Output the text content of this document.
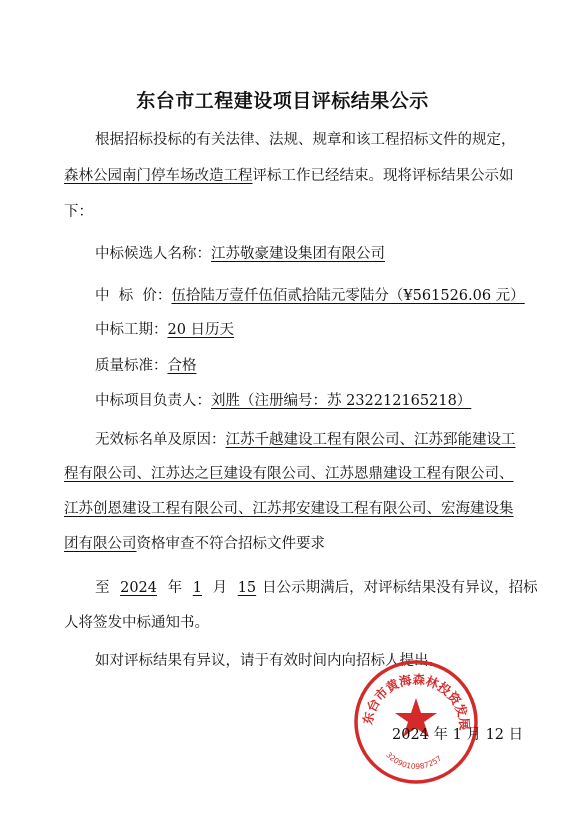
东台市工程建设项目评标结果公示
根据招标投标的有关法律、法规、规章和该工程招标文件的规定，
森林公园南门停车场改造工程评标工作已经结束。现将评标结果公示如
下：
中标候选人名称：江苏敬豪建设集团有限公司
中  标  价：伍拾陆万壹仟伍佰贰拾陆元零陆分（¥561526.06 元）
中标工期：20 日历天
质量标准：合格
中标项目负责人：刘胜（注册编号：苏 232212165218）
无效标名单及原因：江苏千越建设工程有限公司、江苏郅能建设工
程有限公司、江苏达之巨建设有限公司、江苏恩鼎建设工程有限公司、
江苏创恩建设工程有限公司、江苏邦安建设工程有限公司、宏海建设集
团有限公司资格审查不符合招标文件要求
至 2024 年 1 月 15 日公示期满后，对评标结果没有异议，招标
人将签发中标通知书。
如对评标结果有异议，请于有效时间内向招标人提出。
东台市黄海森林投资发展
3209010987257
2024 年 1 月 12 日
